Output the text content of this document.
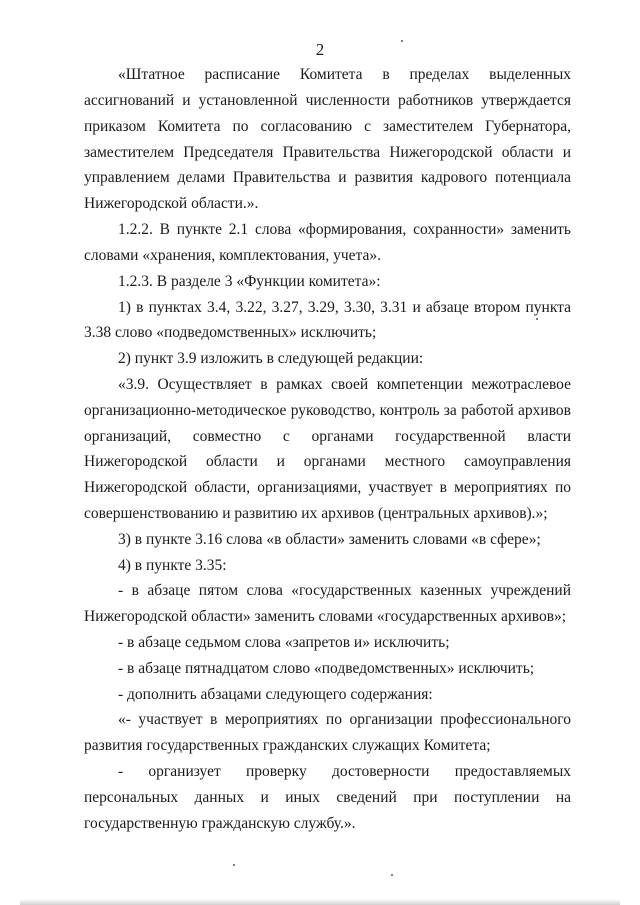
2
«Штатное расписание Комитета в пределах выделенных
ассигнований и установленной численности работников утверждается
приказом Комитета по согласованию с заместителем Губернатора,
заместителем Председателя Правительства Нижегородской области и
управлением делами Правительства и развития кадрового потенциала
Нижегородской области.».
1.2.2. В пункте 2.1 слова «формирования, сохранности» заменить
словами «хранения, комплектования, учета».
1.2.3. В разделе 3 «Функции комитета»:
1) в пунктах 3.4, 3.22, 3.27, 3.29, 3.30, 3.31 и абзаце втором пункта
3.38 слово «подведомственных» исключить;
2) пункт 3.9 изложить в следующей редакции:
«3.9. Осуществляет в рамках своей компетенции межотраслевое
организационно-методическое руководство, контроль за работой архивов
организаций, совместно с органами государственной власти
Нижегородской области и органами местного самоуправления
Нижегородской области, организациями, участвует в мероприятиях по
совершенствованию и развитию их архивов (центральных архивов).»;
3) в пункте 3.16 слова «в области» заменить словами «в сфере»;
4) в пункте 3.35:
- в абзаце пятом слова «государственных казенных учреждений
Нижегородской области» заменить словами «государственных архивов»;
- в абзаце седьмом слова «запретов и» исключить;
- в абзаце пятнадцатом слово «подведомственных» исключить;
- дополнить абзацами следующего содержания:
«- участвует в мероприятиях по организации профессионального
развития государственных гражданских служащих Комитета;
- организует проверку достоверности предоставляемых
персональных данных и иных сведений при поступлении на
государственную гражданскую службу.».
